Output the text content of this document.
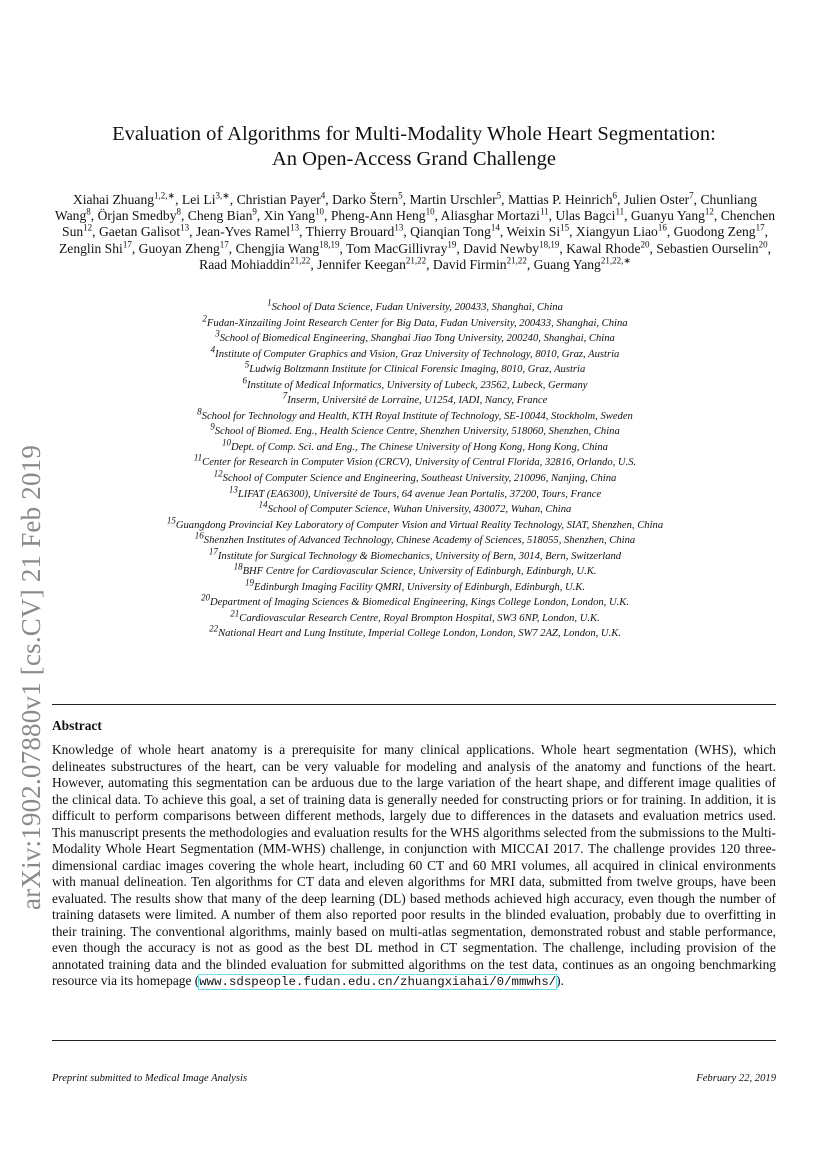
arXiv:1902.07880v1 [cs.CV] 21 Feb 2019
Evaluation of Algorithms for Multi-Modality Whole Heart Segmentation:
An Open-Access Grand Challenge
Xiahai Zhuang$^{1,2,∗}$, Lei $Li^{3,∗}$, Christian Payer$^4$, Darko Štern$^5$, Martin Urschler$^5$, Mattias P. Heinrich$^6$, Julien Oster$^7$, Chunliang Wang$^8$, Örjan Smedby$^8$, Cheng Bian$^9$, Xin Yang$^{10}$, Pheng-Ann Heng$^{10}$, Aliasghar Mortazi$^{11}$, Ulas Bagci$^{11}$, Guanyu Yang$^{12}$, Chenchen Sun$^{12}$, Gaetan Galisot$^{13}$, Jean-Yves Ramel$^{13}$, Thierry Brouard$^{13}$, Qianqian Tong$^{14}$, Weixin Si$^{15}$, Xiangyun Liao$^{16}$, Guodong Zeng$^{17}$, Zenglin Shi$^{17}$, Guoyan Zheng$^{17}$, Chengjia Wang$^{18,19}$, Tom MacGillivray$^{19}$, David Newby$^{18,19}$, Kawal Rhode$^{20}$, Sebastien Ourselin$^{20}$, Raad Mohiaddin$^{21,22}$, Jennifer Keegan$^{21,22}$, David Firmin$^{21,22}$, Guang Yang$^{21,22,∗}$
$^1$School of Data Science, Fudan University, 200433, Shanghai, China
$^2$Fudan-Xinzailing Joint Research Center for Big Data, Fudan University, 200433, Shanghai, China
$^3$School of Biomedical Engineering, Shanghai Jiao Tong University, 200240, Shanghai, China
$^4$Institute of Computer Graphics and Vision, Graz University of Technology, 8010, Graz, Austria
$^5$Ludwig Boltzmann Institute for Clinical Forensic Imaging, 8010, Graz, Austria
$^6$Institute of Medical Informatics, University of Lubeck, 23562, Lubeck, Germany
$^7$Inserm, Université de Lorraine, U1254, IADI, Nancy, France
$^8$School for Technology and Health, KTH Royal Institute of Technology, SE-10044, Stockholm, Sweden
$^9$School of Biomed. Eng., Health Science Centre, Shenzhen University, 518060, Shenzhen, China
$^{10}$Dept. of Comp. Sci. and Eng., The Chinese University of Hong Kong, Hong Kong, China
$^{11}$Center for Research in Computer Vision (CRCV), University of Central Florida, 32816, Orlando, U.S.
$^{12}$School of Computer Science and Engineering, Southeast University, 210096, Nanjing, China
$^{13}$LIFAT (EA6300), Université de Tours, 64 avenue Jean Portalis, 37200, Tours, France
$^{14}$School of Computer Science, Wuhan University, 430072, Wuhan, China
$^{15}$Guangdong Provincial Key Laboratory of Computer Vision and Virtual Reality Technology, SIAT, Shenzhen, China
$^{16}$Shenzhen Institutes of Advanced Technology, Chinese Academy of Sciences, 518055, Shenzhen, China
$^{17}$Institute for Surgical Technology & Biomechanics, University of Bern, 3014, Bern, Switzerland
$^{18}$BHF Centre for Cardiovascular Science, University of Edinburgh, Edinburgh, U.K.
$^{19}$Edinburgh Imaging Facility QMRI, University of Edinburgh, Edinburgh, U.K.
$^{20}$Department of Imaging Sciences & Biomedical Engineering, Kings College London, London, U.K.
$^{21}$Cardiovascular Research Centre, Royal Brompton Hospital, SW3 6NP, London, U.K.
$^{22}$National Heart and Lung Institute, Imperial College London, London, SW7 2AZ, London, U.K.
Abstract
Knowledge of whole heart anatomy is a prerequisite for many clinical applications. Whole heart segmentation (WHS), which delineates substructures of the heart, can be very valuable for modeling and analysis of the anatomy and functions of the heart. However, automating this segmentation can be arduous due to the large variation of the heart shape, and different image qualities of the clinical data. To achieve this goal, a set of training data is generally needed for constructing priors or for training. In addition, it is difficult to perform comparisons between different methods, largely due to differences in the datasets and evaluation metrics used. This manuscript presents the methodologies and evaluation results for the WHS algorithms selected from the submissions to the Multi-Modality Whole Heart Segmentation (MM-WHS) challenge, in conjunction with MICCAI 2017. The challenge provides 120 three-dimensional cardiac images covering the whole heart, including 60 CT and 60 MRI volumes, all acquired in clinical environments with manual delineation. Ten algorithms for CT data and eleven algorithms for MRI data, submitted from twelve groups, have been evaluated. The results show that many of the deep learning (DL) based methods achieved high accuracy, even though the number of training datasets were limited. A number of them also reported poor results in the blinded evaluation, probably due to overfitting in their training. The conventional algorithms, mainly based on multi-atlas segmentation, demonstrated robust and stable performance, even though the accuracy is not as good as the best DL method in CT segmentation. The challenge, including provision of the annotated training data and the blinded evaluation for submitted algorithms on the test data, continues as an ongoing benchmarking resource via its homepage (www.sdspeople.fudan.edu.cn/zhuangxiahai/0/mmwhs/).
Preprint submitted to Medical Image Analysis	February 22, 2019
